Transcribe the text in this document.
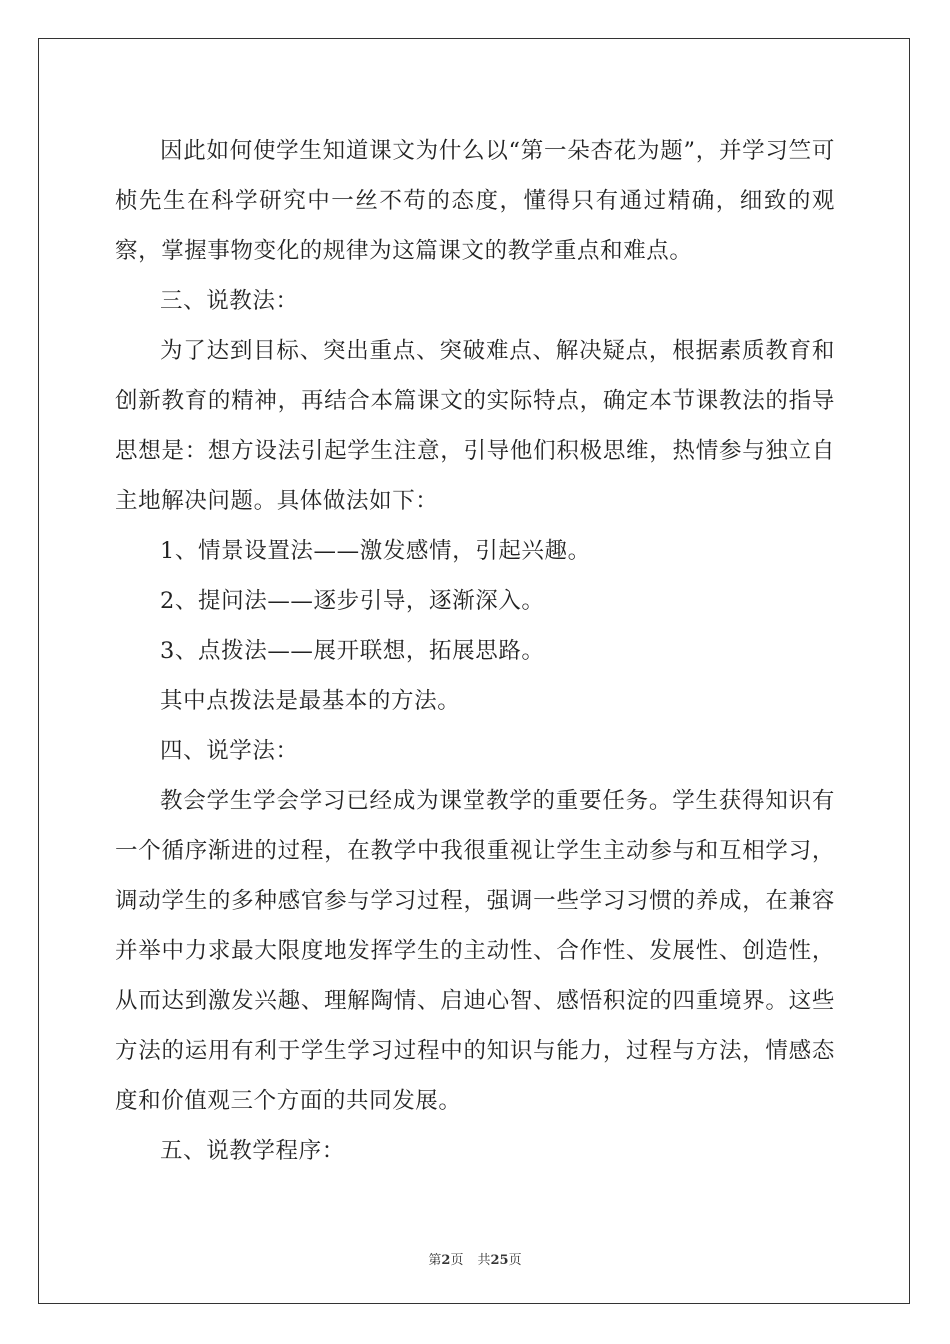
因此如何使学生知道课文为什么以“第一朵杏花为题”，并学习竺可桢先生在科学研究中一丝不苟的态度，懂得只有通过精确，细致的观察，掌握事物变化的规律为这篇课文的教学重点和难点。

三、说教法：

为了达到目标、突出重点、突破难点、解决疑点，根据素质教育和创新教育的精神，再结合本篇课文的实际特点，确定本节课教法的指导思想是：想方设法引起学生注意，引导他们积极思维，热情参与独立自主地解决问题。具体做法如下：

1、情景设置法——激发感情，引起兴趣。

2、提问法——逐步引导，逐渐深入。

3、点拨法——展开联想，拓展思路。

其中点拨法是最基本的方法。

四、说学法：

教会学生学会学习已经成为课堂教学的重要任务。学生获得知识有一个循序渐进的过程，在教学中我很重视让学生主动参与和互相学习，调动学生的多种感官参与学习过程，强调一些学习习惯的养成，在兼容并举中力求最大限度地发挥学生的主动性、合作性、发展性、创造性，从而达到激发兴趣、理解陶情、启迪心智、感悟积淀的四重境界。这些方法的运用有利于学生学习过程中的知识与能力，过程与方法，情感态度和价值观三个方面的共同发展。

五、说教学程序：

第2页 共25页
